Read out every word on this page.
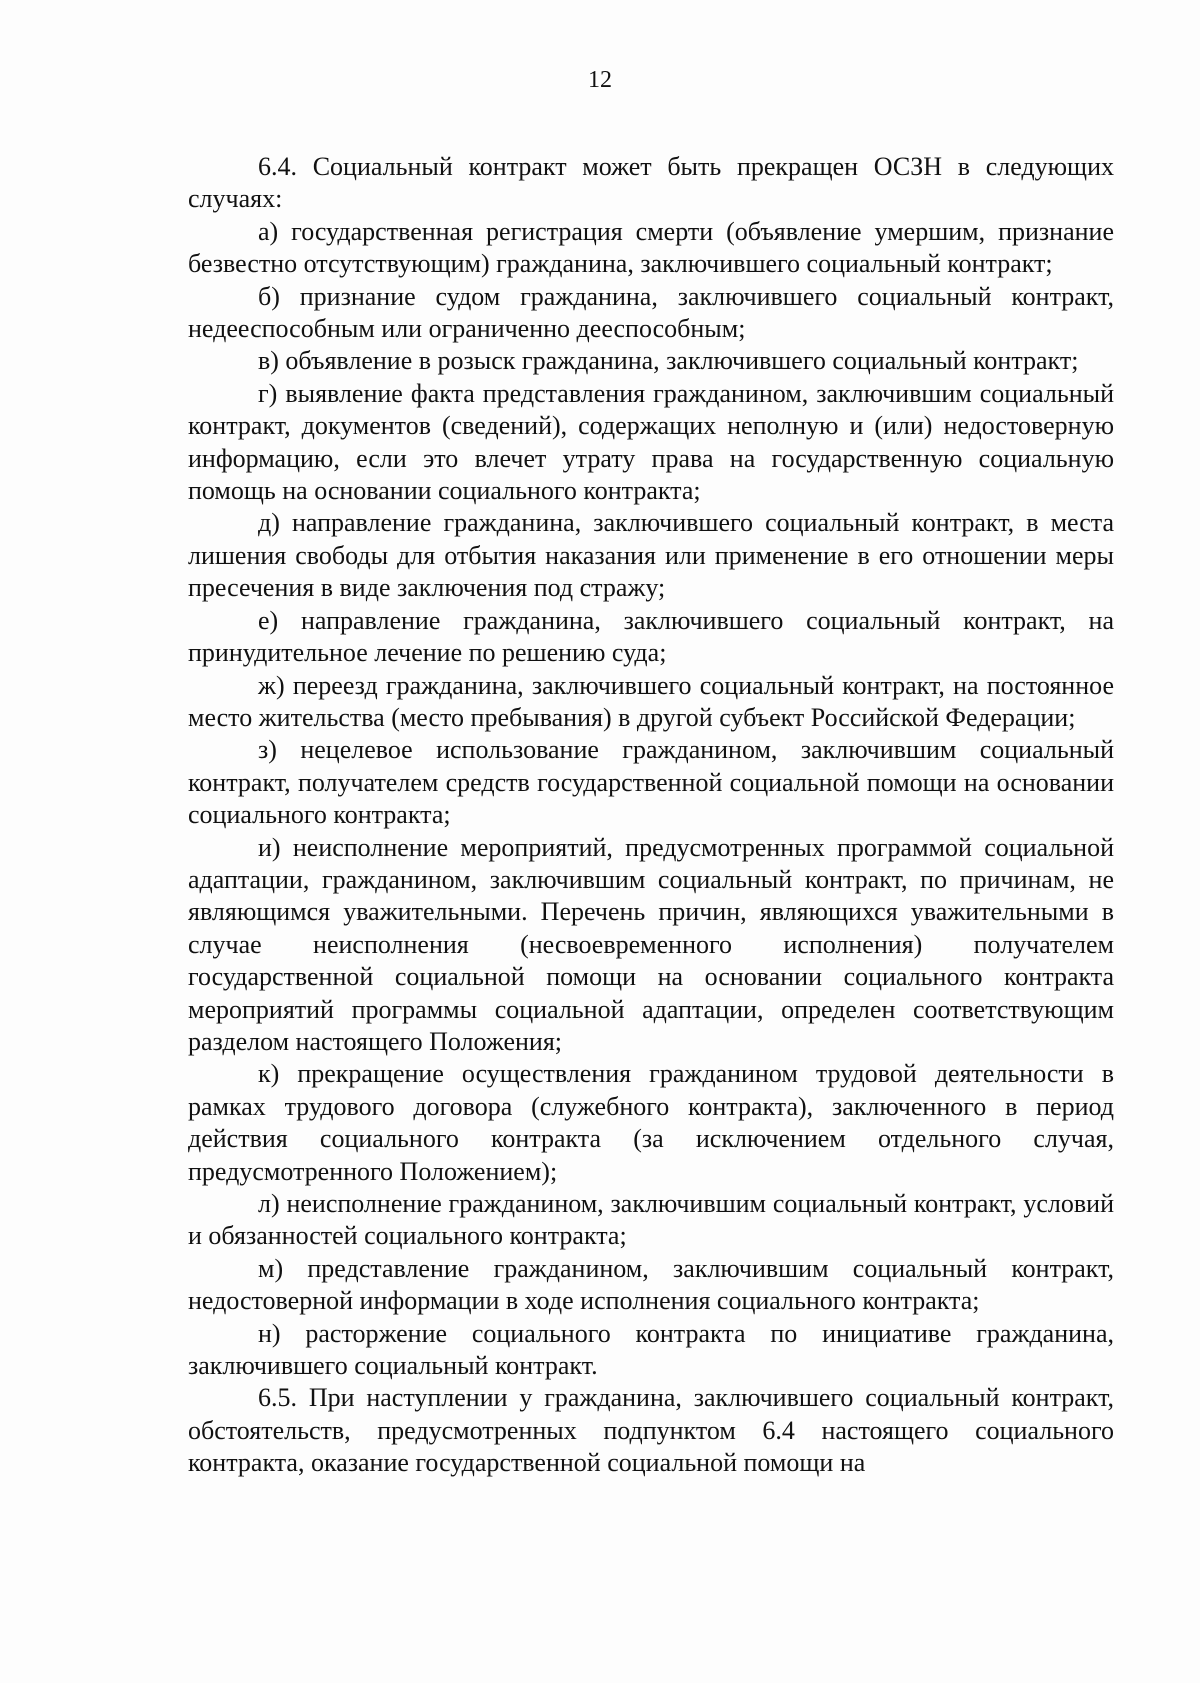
12

6.4. Социальный контракт может быть прекращен ОСЗН в следующих случаях:

а) государственная регистрация смерти (объявление умершим, признание безвестно отсутствующим) гражданина, заключившего социальный контракт;

б) признание судом гражданина, заключившего социальный контракт, недееспособным или ограниченно дееспособным;

в) объявление в розыск гражданина, заключившего социальный контракт;

г) выявление факта представления гражданином, заключившим социальный контракт, документов (сведений), содержащих неполную и (или) недостоверную информацию, если это влечет утрату права на государственную социальную помощь на основании социального контракта;

д) направление гражданина, заключившего социальный контракт, в места лишения свободы для отбытия наказания или применение в его отношении меры пресечения в виде заключения под стражу;

е) направление гражданина, заключившего социальный контракт, на принудительное лечение по решению суда;

ж) переезд гражданина, заключившего социальный контракт, на постоянное место жительства (место пребывания) в другой субъект Российской Федерации;

з) нецелевое использование гражданином, заключившим социальный контракт, получателем средств государственной социальной помощи на основании социального контракта;

и) неисполнение мероприятий, предусмотренных программой социальной адаптации, гражданином, заключившим социальный контракт, по причинам, не являющимся уважительными. Перечень причин, являющихся уважительными в случае неисполнения (несвоевременного исполнения) получателем государственной социальной помощи на основании социального контракта мероприятий программы социальной адаптации, определен соответствующим разделом настоящего Положения;

к) прекращение осуществления гражданином трудовой деятельности в рамках трудового договора (служебного контракта), заключенного в период действия социального контракта (за исключением отдельного случая, предусмотренного Положением);

л) неисполнение гражданином, заключившим социальный контракт, условий и обязанностей социального контракта;

м) представление гражданином, заключившим социальный контракт, недостоверной информации в ходе исполнения социального контракта;

н) расторжение социального контракта по инициативе гражданина, заключившего социальный контракт.

6.5. При наступлении у гражданина, заключившего социальный контракт, обстоятельств, предусмотренных подпунктом 6.4 настоящего социального контракта, оказание государственной социальной помощи на
